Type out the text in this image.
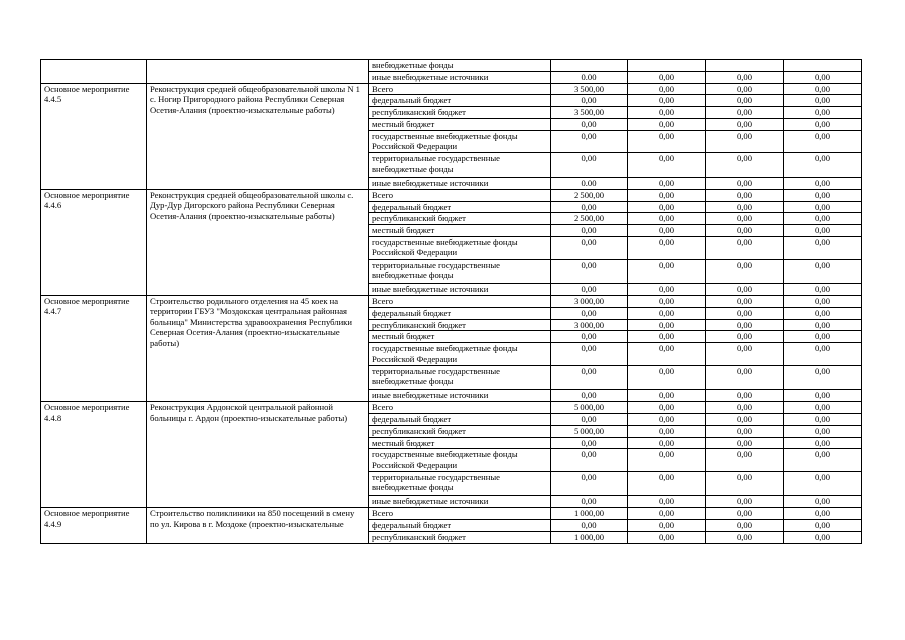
		внебюджетные фонды				
		иные внебюджетные источники	0.00	0,00	0,00	0,00
Основное мероприятие 4.4.5	Реконструкция средней общеобразовательной школы N 1 с. Ногир Пригородного района Республики Северная Осетия-Алания (проектно-изыскательные работы)	Всего	3 500,00	0,00	0,00	0,00
		федеральный бюджет	0,00	0,00	0,00	0,00
		республиканский бюджет	3 500,00	0,00	0,00	0,00
		местный бюджет	0,00	0,00	0,00	0,00
		государственные внебюджетные фонды Российской Федерации	0,00	0,00	0,00	0,00
		территориальные государственные внебюджетные фонды	0,00	0,00	0,00	0,00
		иные внебюджетные источники	0.00	0,00	0,00	0,00
Основное мероприятие 4.4.6	Реконструкция средней общеобразовательной школы с. Дур-Дур Дигорского района Республики Северная Осетия-Алания (проектно-изыскательные работы)	Всего	2 500,00	0,00	0,00	0,00
		федеральный бюджет	0,00	0,00	0,00	0,00
		республиканский бюджет	2 500,00	0,00	0,00	0,00
		местный бюджет	0,00	0,00	0,00	0,00
		государственные внебюджетные фонды Российской Федерации	0,00	0,00	0,00	0,00
		территориальные государственные внебюджетные фонды	0,00	0,00	0,00	0,00
		иные внебюджетные источники	0,00	0,00	0,00	0,00
Основное мероприятие 4.4.7	Строительство родильного отделения на 45 коек на территории ГБУЗ "Моздокская центральная районная больница" Министерства здравоохранения Республики Северная Осетия-Алания (проектно-изыскательные работы)	Всего	3 000,00	0,00	0,00	0,00
		федеральный бюджет	0,00	0,00	0,00	0,00
		республиканский бюджет	3 000,00	0,00	0,00	0,00
		местный бюджет	0,00	0,00	0,00	0,00
		государственные внебюджетные фонды Российской Федерации	0,00	0,00	0,00	0,00
		территориальные государственные внебюджетные фонды	0,00	0,00	0,00	0,00
		иные внебюджетные источники	0,00	0,00	0,00	0,00
Основное мероприятие 4.4.8	Реконструкция Ардонской центральной районной больницы г. Ардон (проектно-изыскательные работы)	Всего	5 000,00	0,00	0,00	0,00
		федеральный бюджет	0,00	0,00	0,00	0,00
		республиканский бюджет	5 000,00	0,00	0,00	0,00
		местный бюджет	0,00	0,00	0,00	0,00
		государственные внебюджетные фонды Российской Федерации	0,00	0,00	0,00	0,00
		территориальные государственные внебюджетные фонды	0,00	0,00	0,00	0,00
		иные внебюджетные источники	0,00	0,00	0,00	0,00
Основное мероприятие 4.4.9	Строительство поликлиники на 850 посещений в смену по ул. Кирова в г. Моздоке (проектно-изыскательные	Всего	1 000,00	0,00	0,00	0,00
		федеральный бюджет	0,00	0,00	0,00	0,00
		республиканский бюджет	1 000,00	0,00	0,00	0,00
